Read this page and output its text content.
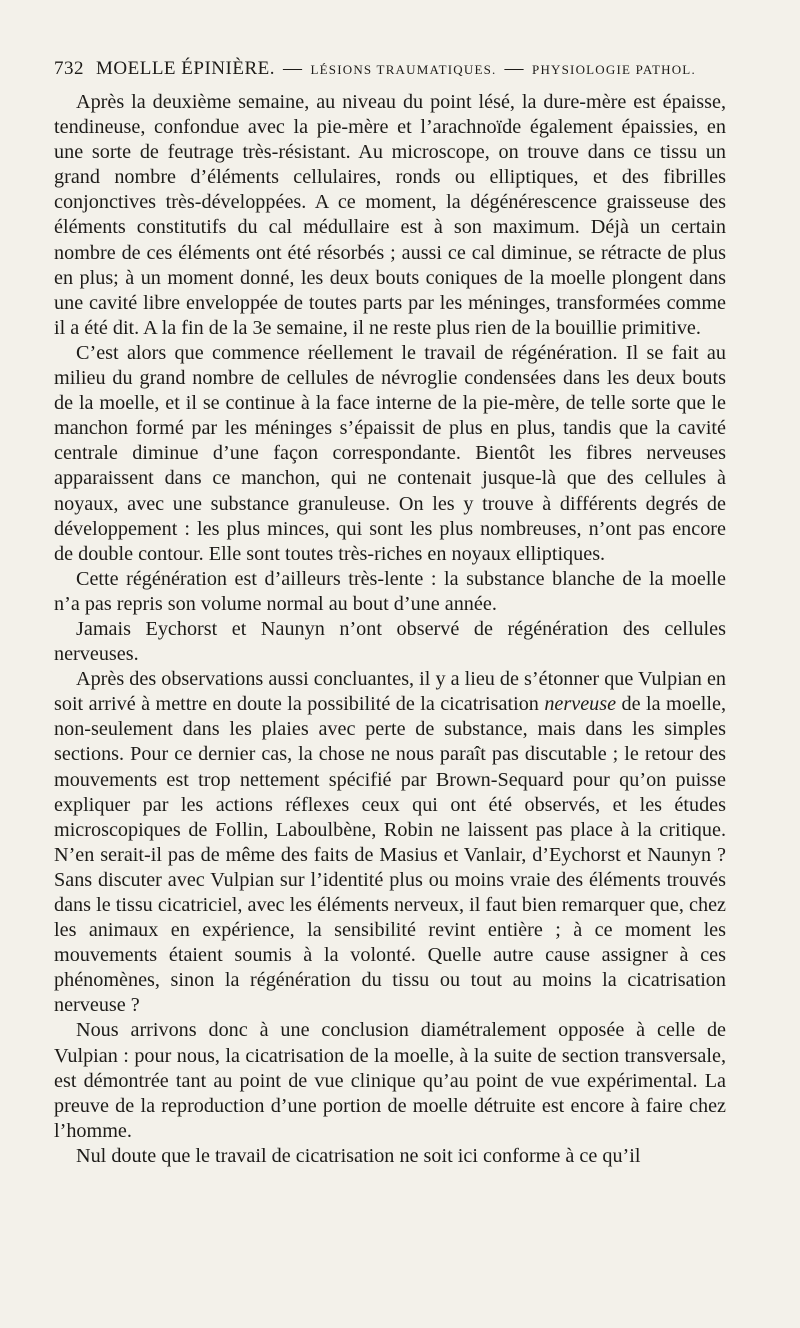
732 MOELLE ÉPINIÈRE. — LÉSIONS TRAUMATIQUES. — PHYSIOLOGIE PATHOL.

Après la deuxième semaine, au niveau du point lésé, la dure-mère est épaisse, tendineuse, confondue avec la pie-mère et l’arachnoïde également épaissies, en une sorte de feutrage très-résistant. Au microscope, on trouve dans ce tissu un grand nombre d’éléments cellulaires, ronds ou elliptiques, et des fibrilles conjonctives très-développées. A ce moment, la dégénérescence graisseuse des éléments constitutifs du cal médullaire est à son maximum. Déjà un certain nombre de ces éléments ont été résorbés ; aussi ce cal diminue, se rétracte de plus en plus; à un moment donné, les deux bouts coniques de la moelle plongent dans une cavité libre enveloppée de toutes parts par les méninges, transformées comme il a été dit. A la fin de la 3e semaine, il ne reste plus rien de la bouillie primitive.

C’est alors que commence réellement le travail de régénération. Il se fait au milieu du grand nombre de cellules de névroglie condensées dans les deux bouts de la moelle, et il se continue à la face interne de la pie-mère, de telle sorte que le manchon formé par les méninges s’épaissit de plus en plus, tandis que la cavité centrale diminue d’une façon correspondante. Bientôt les fibres nerveuses apparaissent dans ce manchon, qui ne contenait jusque-là que des cellules à noyaux, avec une substance granuleuse. On les y trouve à différents degrés de développement : les plus minces, qui sont les plus nombreuses, n’ont pas encore de double contour. Elle sont toutes très-riches en noyaux elliptiques.

Cette régénération est d’ailleurs très-lente : la substance blanche de la moelle n’a pas repris son volume normal au bout d’une année.

Jamais Eychorst et Naunyn n’ont observé de régénération des cellules nerveuses.

Après des observations aussi concluantes, il y a lieu de s’étonner que Vulpian en soit arrivé à mettre en doute la possibilité de la cicatrisation nerveuse de la moelle, non-seulement dans les plaies avec perte de substance, mais dans les simples sections. Pour ce dernier cas, la chose ne nous paraît pas discutable ; le retour des mouvements est trop nettement spécifié par Brown-Sequard pour qu’on puisse expliquer par les actions réflexes ceux qui ont été observés, et les études microscopiques de Follin, Laboulbène, Robin ne laissent pas place à la critique. N’en serait-il pas de même des faits de Masius et Vanlair, d’Eychorst et Naunyn ? Sans discuter avec Vulpian sur l’identité plus ou moins vraie des éléments trouvés dans le tissu cicatriciel, avec les éléments nerveux, il faut bien remarquer que, chez les animaux en expérience, la sensibilité revint entière ; à ce moment les mouvements étaient soumis à la volonté. Quelle autre cause assigner à ces phénomènes, sinon la régénération du tissu ou tout au moins la cicatrisation nerveuse ?

Nous arrivons donc à une conclusion diamétralement opposée à celle de Vulpian : pour nous, la cicatrisation de la moelle, à la suite de section transversale, est démontrée tant au point de vue clinique qu’au point de vue expérimental. La preuve de la reproduction d’une portion de moelle détruite est encore à faire chez l’homme.

Nul doute que le travail de cicatrisation ne soit ici conforme à ce qu’il
